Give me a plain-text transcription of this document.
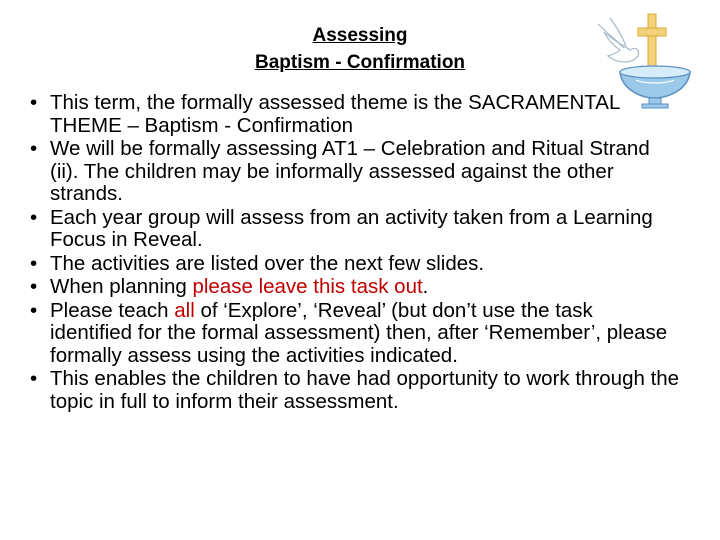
Assessing
Baptism - Confirmation
• This term, the formally assessed theme is the SACRAMENTAL THEME – Baptism - Confirmation
• We will be formally assessing AT1 – Celebration and Ritual Strand (ii). The children may be informally assessed against the other strands.
• Each year group will assess from an activity taken from a Learning Focus in Reveal.
• The activities are listed over the next few slides.
• When planning please leave this task out.
• Please teach all of ‘Explore’, ‘Reveal’ (but don’t use the task identified for the formal assessment) then, after ‘Remember’, please formally assess using the activities indicated.
• This enables the children to have had opportunity to work through the topic in full to inform their assessment.
